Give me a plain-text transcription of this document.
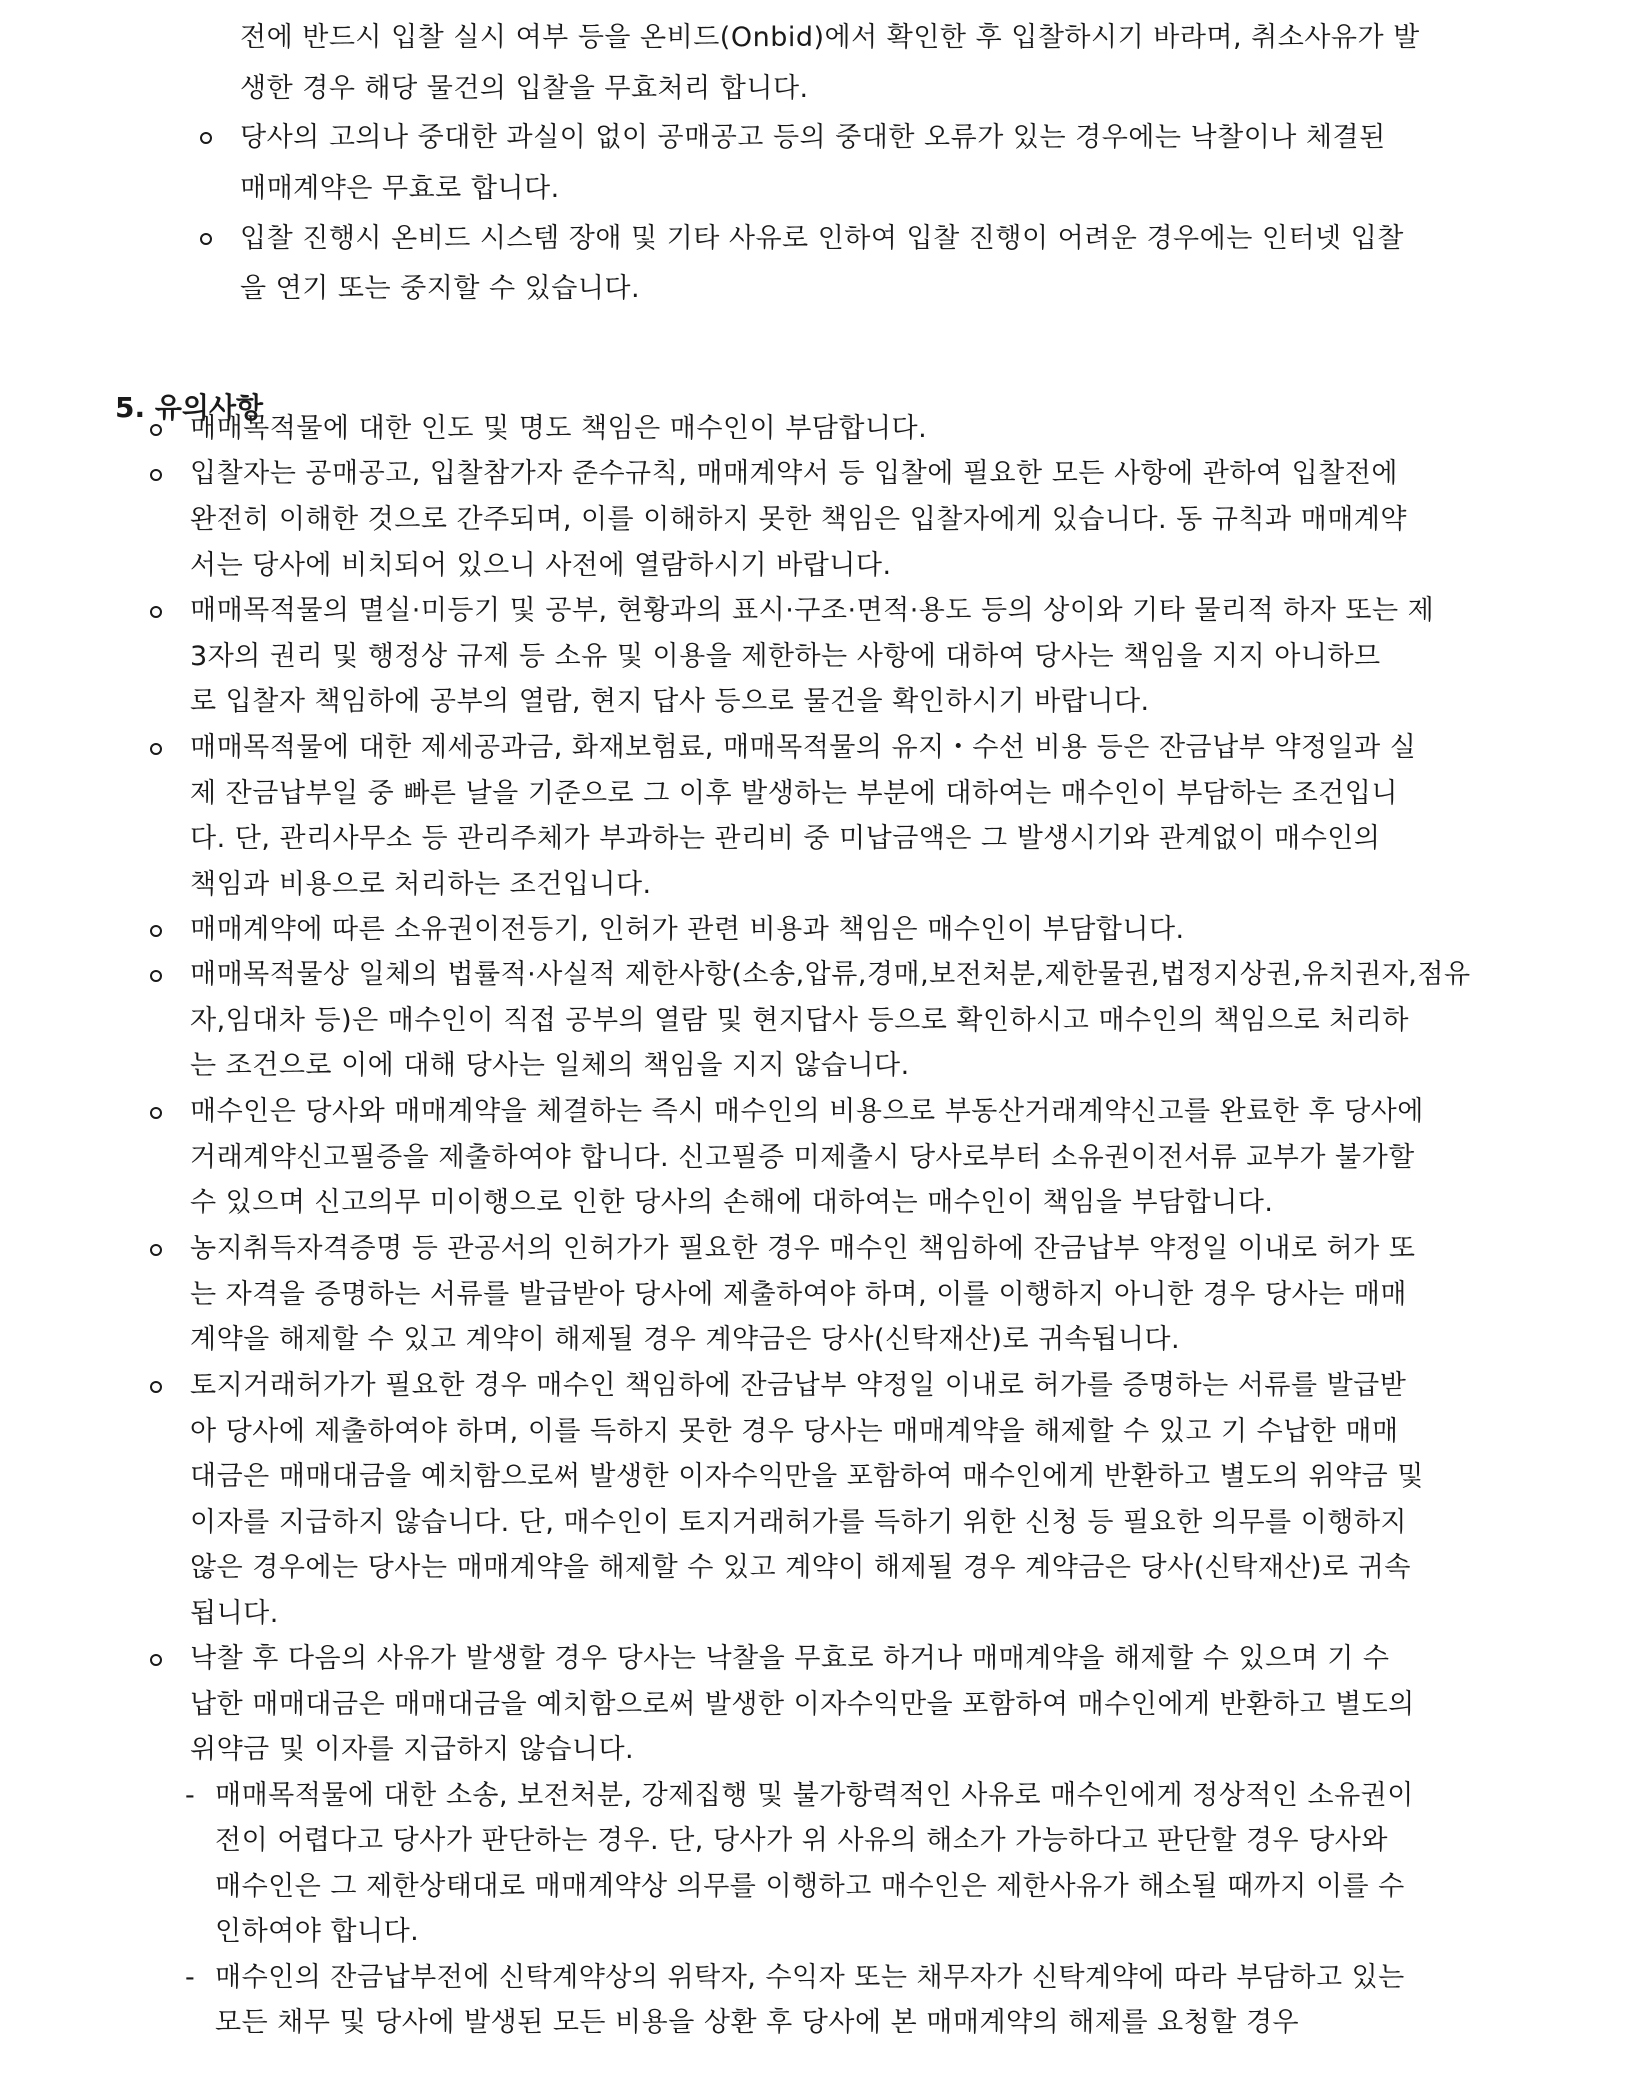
전에 반드시 입찰 실시 여부 등을 온비드(Onbid)에서 확인한 후 입찰하시기 바라며, 취소사유가 발

생한 경우 해당 물건의 입찰을 무효처리 합니다.

당사의 고의나 중대한 과실이 없이 공매공고 등의 중대한 오류가 있는 경우에는 낙찰이나 체결된

매매계약은 무효로 합니다.

입찰 진행시 온비드 시스템 장애 및 기타 사유로 인하여 입찰 진행이 어려운 경우에는 인터넷 입찰

을 연기 또는 중지할 수 있습니다.

5. 유의사항

매매목적물에 대한 인도 및 명도 책임은 매수인이 부담합니다.

입찰자는 공매공고, 입찰참가자 준수규칙, 매매계약서 등 입찰에 필요한 모든 사항에 관하여 입찰전에

완전히 이해한 것으로 간주되며, 이를 이해하지 못한 책임은 입찰자에게 있습니다. 동 규칙과 매매계약

서는 당사에 비치되어 있으니 사전에 열람하시기 바랍니다.

매매목적물의 멸실·미등기 및 공부, 현황과의 표시·구조·면적·용도 등의 상이와 기타 물리적 하자 또는 제

3자의 권리 및 행정상 규제 등 소유 및 이용을 제한하는 사항에 대하여 당사는 책임을 지지 아니하므

로 입찰자 책임하에 공부의 열람, 현지 답사 등으로 물건을 확인하시기 바랍니다.

매매목적물에 대한 제세공과금, 화재보험료, 매매목적물의 유지・수선 비용 등은 잔금납부 약정일과 실

제 잔금납부일 중 빠른 날을 기준으로 그 이후 발생하는 부분에 대하여는 매수인이 부담하는 조건입니

다. 단, 관리사무소 등 관리주체가 부과하는 관리비 중 미납금액은 그 발생시기와 관계없이 매수인의

책임과 비용으로 처리하는 조건입니다.

매매계약에 따른 소유권이전등기, 인허가 관련 비용과 책임은 매수인이 부담합니다.

매매목적물상 일체의 법률적·사실적 제한사항(소송,압류,경매,보전처분,제한물권,법정지상권,유치권자,점유

자,임대차 등)은 매수인이 직접 공부의 열람 및 현지답사 등으로 확인하시고 매수인의 책임으로 처리하

는 조건으로 이에 대해 당사는 일체의 책임을 지지 않습니다.

매수인은 당사와 매매계약을 체결하는 즉시 매수인의 비용으로 부동산거래계약신고를 완료한 후 당사에

거래계약신고필증을 제출하여야 합니다. 신고필증 미제출시 당사로부터 소유권이전서류 교부가 불가할

수 있으며 신고의무 미이행으로 인한 당사의 손해에 대하여는 매수인이 책임을 부담합니다.

농지취득자격증명 등 관공서의 인허가가 필요한 경우 매수인 책임하에 잔금납부 약정일 이내로 허가 또

는 자격을 증명하는 서류를 발급받아 당사에 제출하여야 하며, 이를 이행하지 아니한 경우 당사는 매매

계약을 해제할 수 있고 계약이 해제될 경우 계약금은 당사(신탁재산)로 귀속됩니다.

토지거래허가가 필요한 경우 매수인 책임하에 잔금납부 약정일 이내로 허가를 증명하는 서류를 발급받

아 당사에 제출하여야 하며, 이를 득하지 못한 경우 당사는 매매계약을 해제할 수 있고 기 수납한 매매

대금은 매매대금을 예치함으로써 발생한 이자수익만을 포함하여 매수인에게 반환하고 별도의 위약금 및

이자를 지급하지 않습니다. 단, 매수인이 토지거래허가를 득하기 위한 신청 등 필요한 의무를 이행하지

않은 경우에는 당사는 매매계약을 해제할 수 있고 계약이 해제될 경우 계약금은 당사(신탁재산)로 귀속

됩니다.

낙찰 후 다음의 사유가 발생할 경우 당사는 낙찰을 무효로 하거나 매매계약을 해제할 수 있으며 기 수

납한 매매대금은 매매대금을 예치함으로써 발생한 이자수익만을 포함하여 매수인에게 반환하고 별도의

위약금 및 이자를 지급하지 않습니다.

- 매매목적물에 대한 소송, 보전처분, 강제집행 및 불가항력적인 사유로 매수인에게 정상적인 소유권이

전이 어렵다고 당사가 판단하는 경우. 단, 당사가 위 사유의 해소가 가능하다고 판단할 경우 당사와

매수인은 그 제한상태대로 매매계약상 의무를 이행하고 매수인은 제한사유가 해소될 때까지 이를 수

인하여야 합니다.

- 매수인의 잔금납부전에 신탁계약상의 위탁자, 수익자 또는 채무자가 신탁계약에 따라 부담하고 있는

모든 채무 및 당사에 발생된 모든 비용을 상환 후 당사에 본 매매계약의 해제를 요청할 경우
